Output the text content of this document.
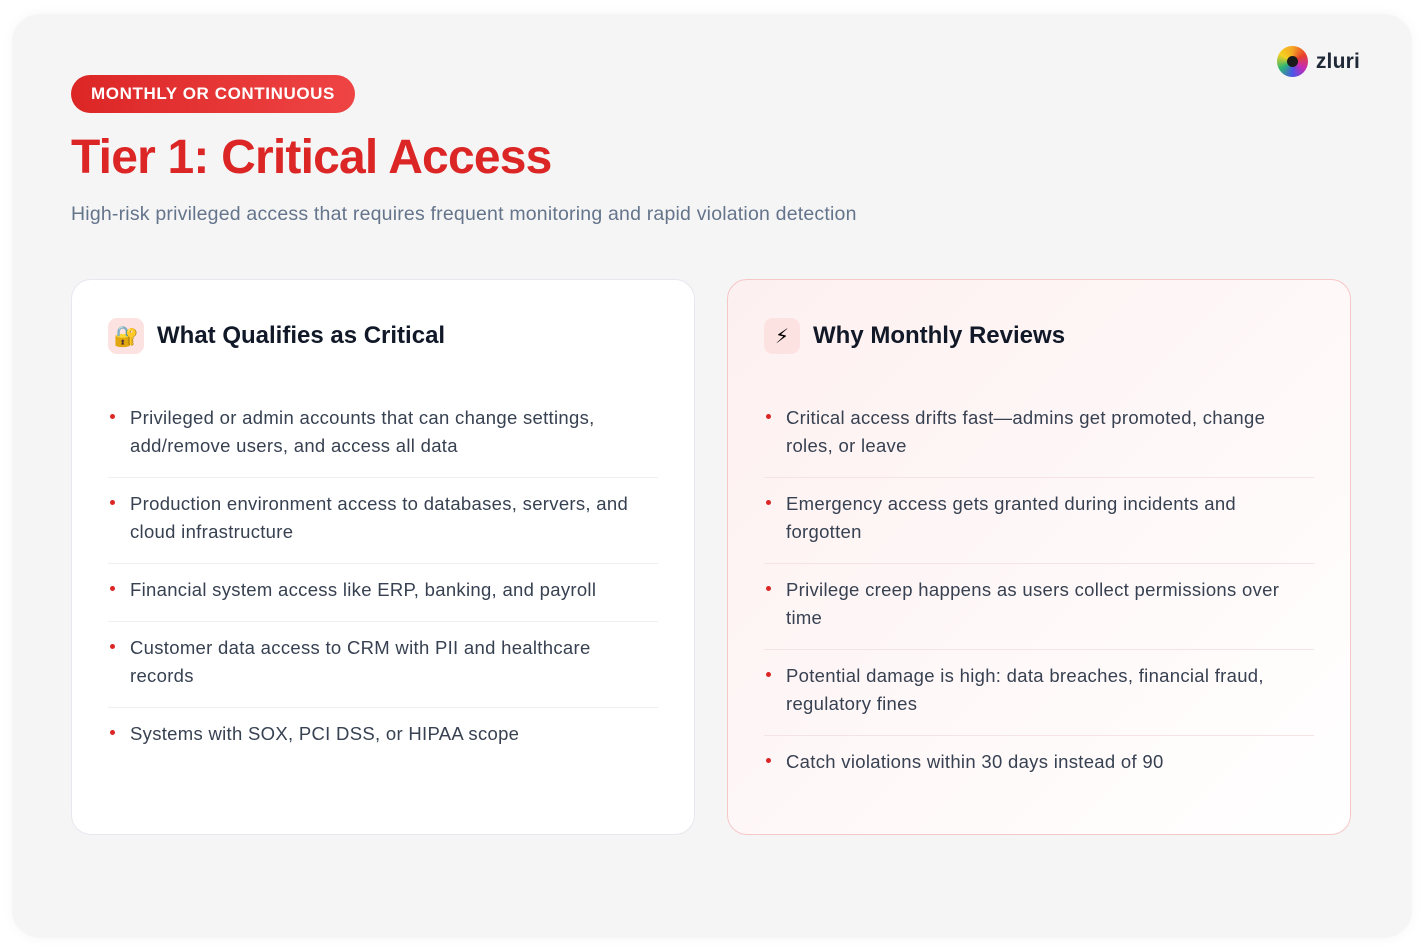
zluri
MONTHLY OR CONTINUOUS
Tier 1: Critical Access

High-risk privileged access that requires frequent monitoring and rapid violation detection

🔐 What Qualifies as Critical
Privileged or admin accounts that can change settings, add/remove users, and access all data
Production environment access to databases, servers, and cloud infrastructure
Financial system access like ERP, banking, and payroll
Customer data access to CRM with PII and healthcare records
Systems with SOX, PCI DSS, or HIPAA scope
⚡ Why Monthly Reviews
Critical access drifts fast—admins get promoted, change roles, or leave
Emergency access gets granted during incidents and forgotten
Privilege creep happens as users collect permissions over time
Potential damage is high: data breaches, financial fraud, regulatory fines
Catch violations within 30 days instead of 90
